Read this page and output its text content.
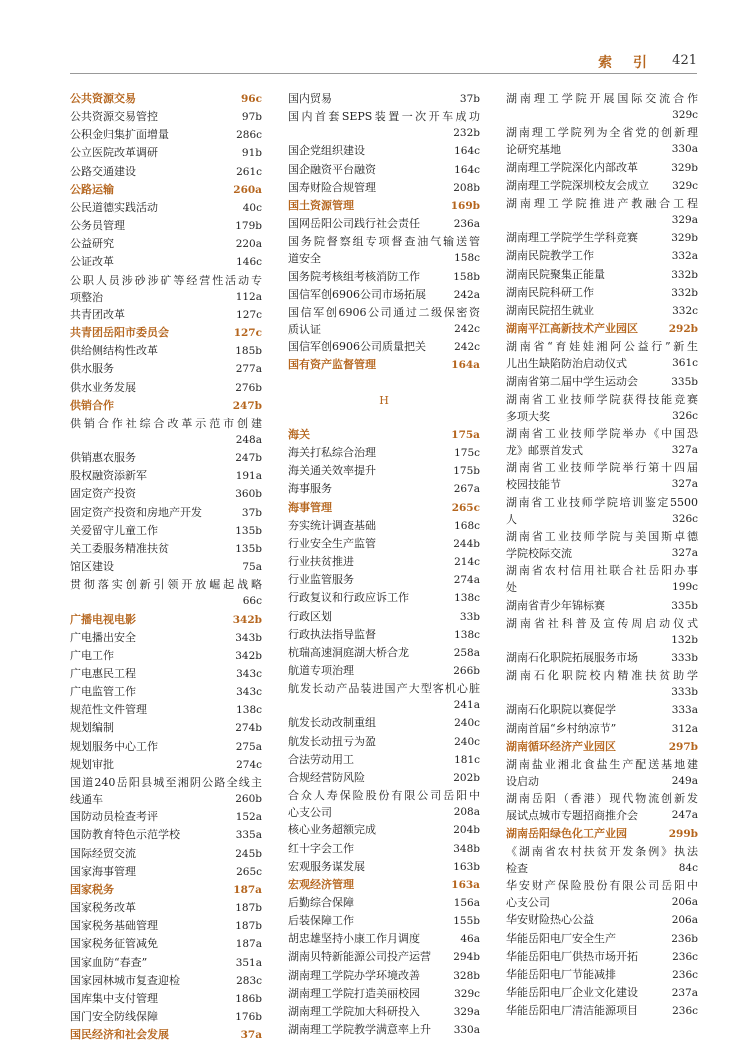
索 引 421
公共资源交易	96c
公共资源交易管控	97b
公积金归集扩面增量	286c
公立医院改革调研	91b
公路交通建设	261c
公路运输	260a
公民道德实践活动	40c
公务员管理	179b
公益研究	220a
公证改革	146c
公职人员涉砂涉矿等经营性活动专
项整治	112a
共青团改革	127c
共青团岳阳市委员会	127c
供给侧结构性改革	185b
供水服务	277a
供水业务发展	276b
供销合作	247b
供销合作社综合改革示范市创建
248a
供销惠农服务	247b
股权融资添新军	191a
固定资产投资	360b
固定资产投资和房地产开发	37b
关爱留守儿童工作	135b
关工委服务精准扶贫	135b
馆区建设	75a
贯彻落实创新引领开放崛起战略
66c
广播电视电影	342b
广电播出安全	343b
广电工作	342b
广电惠民工程	343c
广电监管工作	343c
规范性文件管理	138c
规划编制	274b
规划服务中心工作	275a
规划审批	274c
国道240岳阳县城至湘阴公路全线主
线通车	260b
国防动员检查考评	152a
国防教育特色示范学校	335a
国际经贸交流	245b
国家海事管理	265c
国家税务	187a
国家税务改革	187b
国家税务基础管理	187b
国家税务征管减免	187a
国家血防“春查”	351a
国家园林城市复查迎检	283c
国库集中支付管理	186b
国门安全防线保障	176b
国民经济和社会发展	37a
国内贸易	37b
国内首套SEPS装置一次开车成功
232b
国企党组织建设	164c
国企融资平台融资	164c
国寿财险合规管理	208b
国土资源管理	169b
国网岳阳公司践行社会责任	236a
国务院督察组专项督查油气输送管
道安全	158c
国务院考核组考核消防工作	158b
国信军创6906公司市场拓展	242a
国信军创6906公司通过二级保密资
质认证	242c
国信军创6906公司质量把关	242c
国有资产监督管理	164a
H
海关	175a
海关打私综合治理	175c
海关通关效率提升	175b
海事服务	267a
海事管理	265c
夯实统计调查基础	168c
行业安全生产监管	244b
行业扶贫推进	214c
行业监管服务	274a
行政复议和行政应诉工作	138c
行政区划	33b
行政执法指导监督	138c
杭瑞高速洞庭湖大桥合龙	258a
航道专项治理	266b
航发长动产品装进国产大型客机心脏
241a
航发长动改制重组	240c
航发长动扭亏为盈	240c
合法劳动用工	181c
合规经营防风险	202b
合众人寿保险股份有限公司岳阳中
心支公司	208a
核心业务超额完成	204b
红十字会工作	348b
宏观服务谋发展	163b
宏观经济管理	163a
后勤综合保障	156a
后装保障工作	155b
胡忠雄坚持小康工作月调度	46a
湖南贝特新能源公司投产运营	294b
湖南理工学院办学环境改善	328b
湖南理工学院打造美丽校园	329c
湖南理工学院加大科研投入	329a
湖南理工学院教学满意率上升	330a
湖南理工学院开展国际交流合作
329c
湖南理工学院列为全省党的创新理
论研究基地	330a
湖南理工学院深化内部改革	329b
湖南理工学院深圳校友会成立	329c
湖南理工学院推进产教融合工程
329a
湖南理工学院学生学科竞赛	329b
湖南民院教学工作	332a
湖南民院聚集正能量	332b
湖南民院科研工作	332b
湖南民院招生就业	332c
湖南平江高新技术产业园区	292b
湖南省“育娃娃湘阿公益行”新生
儿出生缺陷防治启动仪式	361c
湖南省第二届中学生运动会	335b
湖南省工业技师学院获得技能竞赛
多项大奖	326c
湖南省工业技师学院举办《中国恐
龙》邮票首发式	327a
湖南省工业技师学院举行第十四届
校园技能节	327a
湖南省工业技师学院培训鉴定5500
人	326c
湖南省工业技师学院与美国斯卓德
学院校际交流	327a
湖南省农村信用社联合社岳阳办事
处	199c
湖南省青少年锦标赛	335b
湖南省社科普及宣传周启动仪式
132b
湖南石化职院拓展服务市场	333b
湖南石化职院校内精准扶贫助学
333b
湖南石化职院以赛促学	333a
湖南首届“乡村纳凉节”	312a
湖南循环经济产业园区	297b
湖南盐业湘北食盐生产配送基地建
设启动	249a
湖南岳阳（香港）现代物流创新发
展试点城市专题招商推介会	247a
湖南岳阳绿色化工产业园	299b
《湖南省农村扶贫开发条例》执法
检查	84c
华安财产保险股份有限公司岳阳中
心支公司	206a
华安财险热心公益	206a
华能岳阳电厂安全生产	236b
华能岳阳电厂供热市场开拓	236c
华能岳阳电厂节能减排	236c
华能岳阳电厂企业文化建设	237a
华能岳阳电厂清洁能源项目	236c
